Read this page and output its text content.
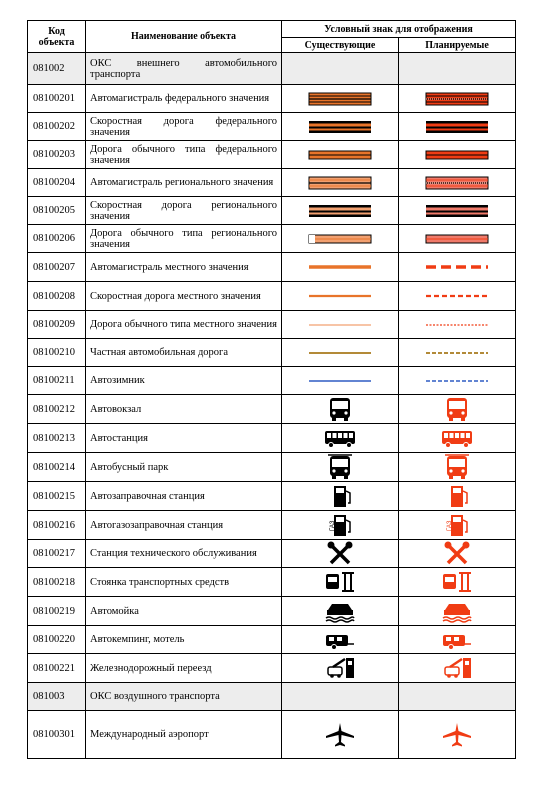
Код объекта	Наименование объекта	Условный знак для отображения	
		Существующие	Планируемые
081002	ОКС внешнего автомобильного транспорта		

08100201	Автомагистраль федерального значения

08100202	Скоростная дорога федерального значения

08100203	Дорога обычного типа федерального значения

08100204	Автомагистраль регионального значения

08100205	Скоростная дорога регионального значения

08100206	Дорога обычного типа регионального значения

08100207	Автомагистраль местного значения

08100208	Скоростная дорога местного значения

08100209	Дорога обычного типа местного значения

08100210	Частная автомобильная дорога

08100211	Автозимник

08100212	Автовокзал

08100213	Автостанция

08100214	Автобусный парк

08100215	Автозаправочная станция

08100216	Автогазозаправочная станция	ГАЗ	ГАЗ

08100217	Станция технического обслуживания

08100218	Стоянка транспортных средств

08100219	Автомойка

08100220	Автокемпинг, мотель

08100221	Железнодорожный переезд

081003	ОКС воздушного транспорта		

08100301	Международный аэропорт
